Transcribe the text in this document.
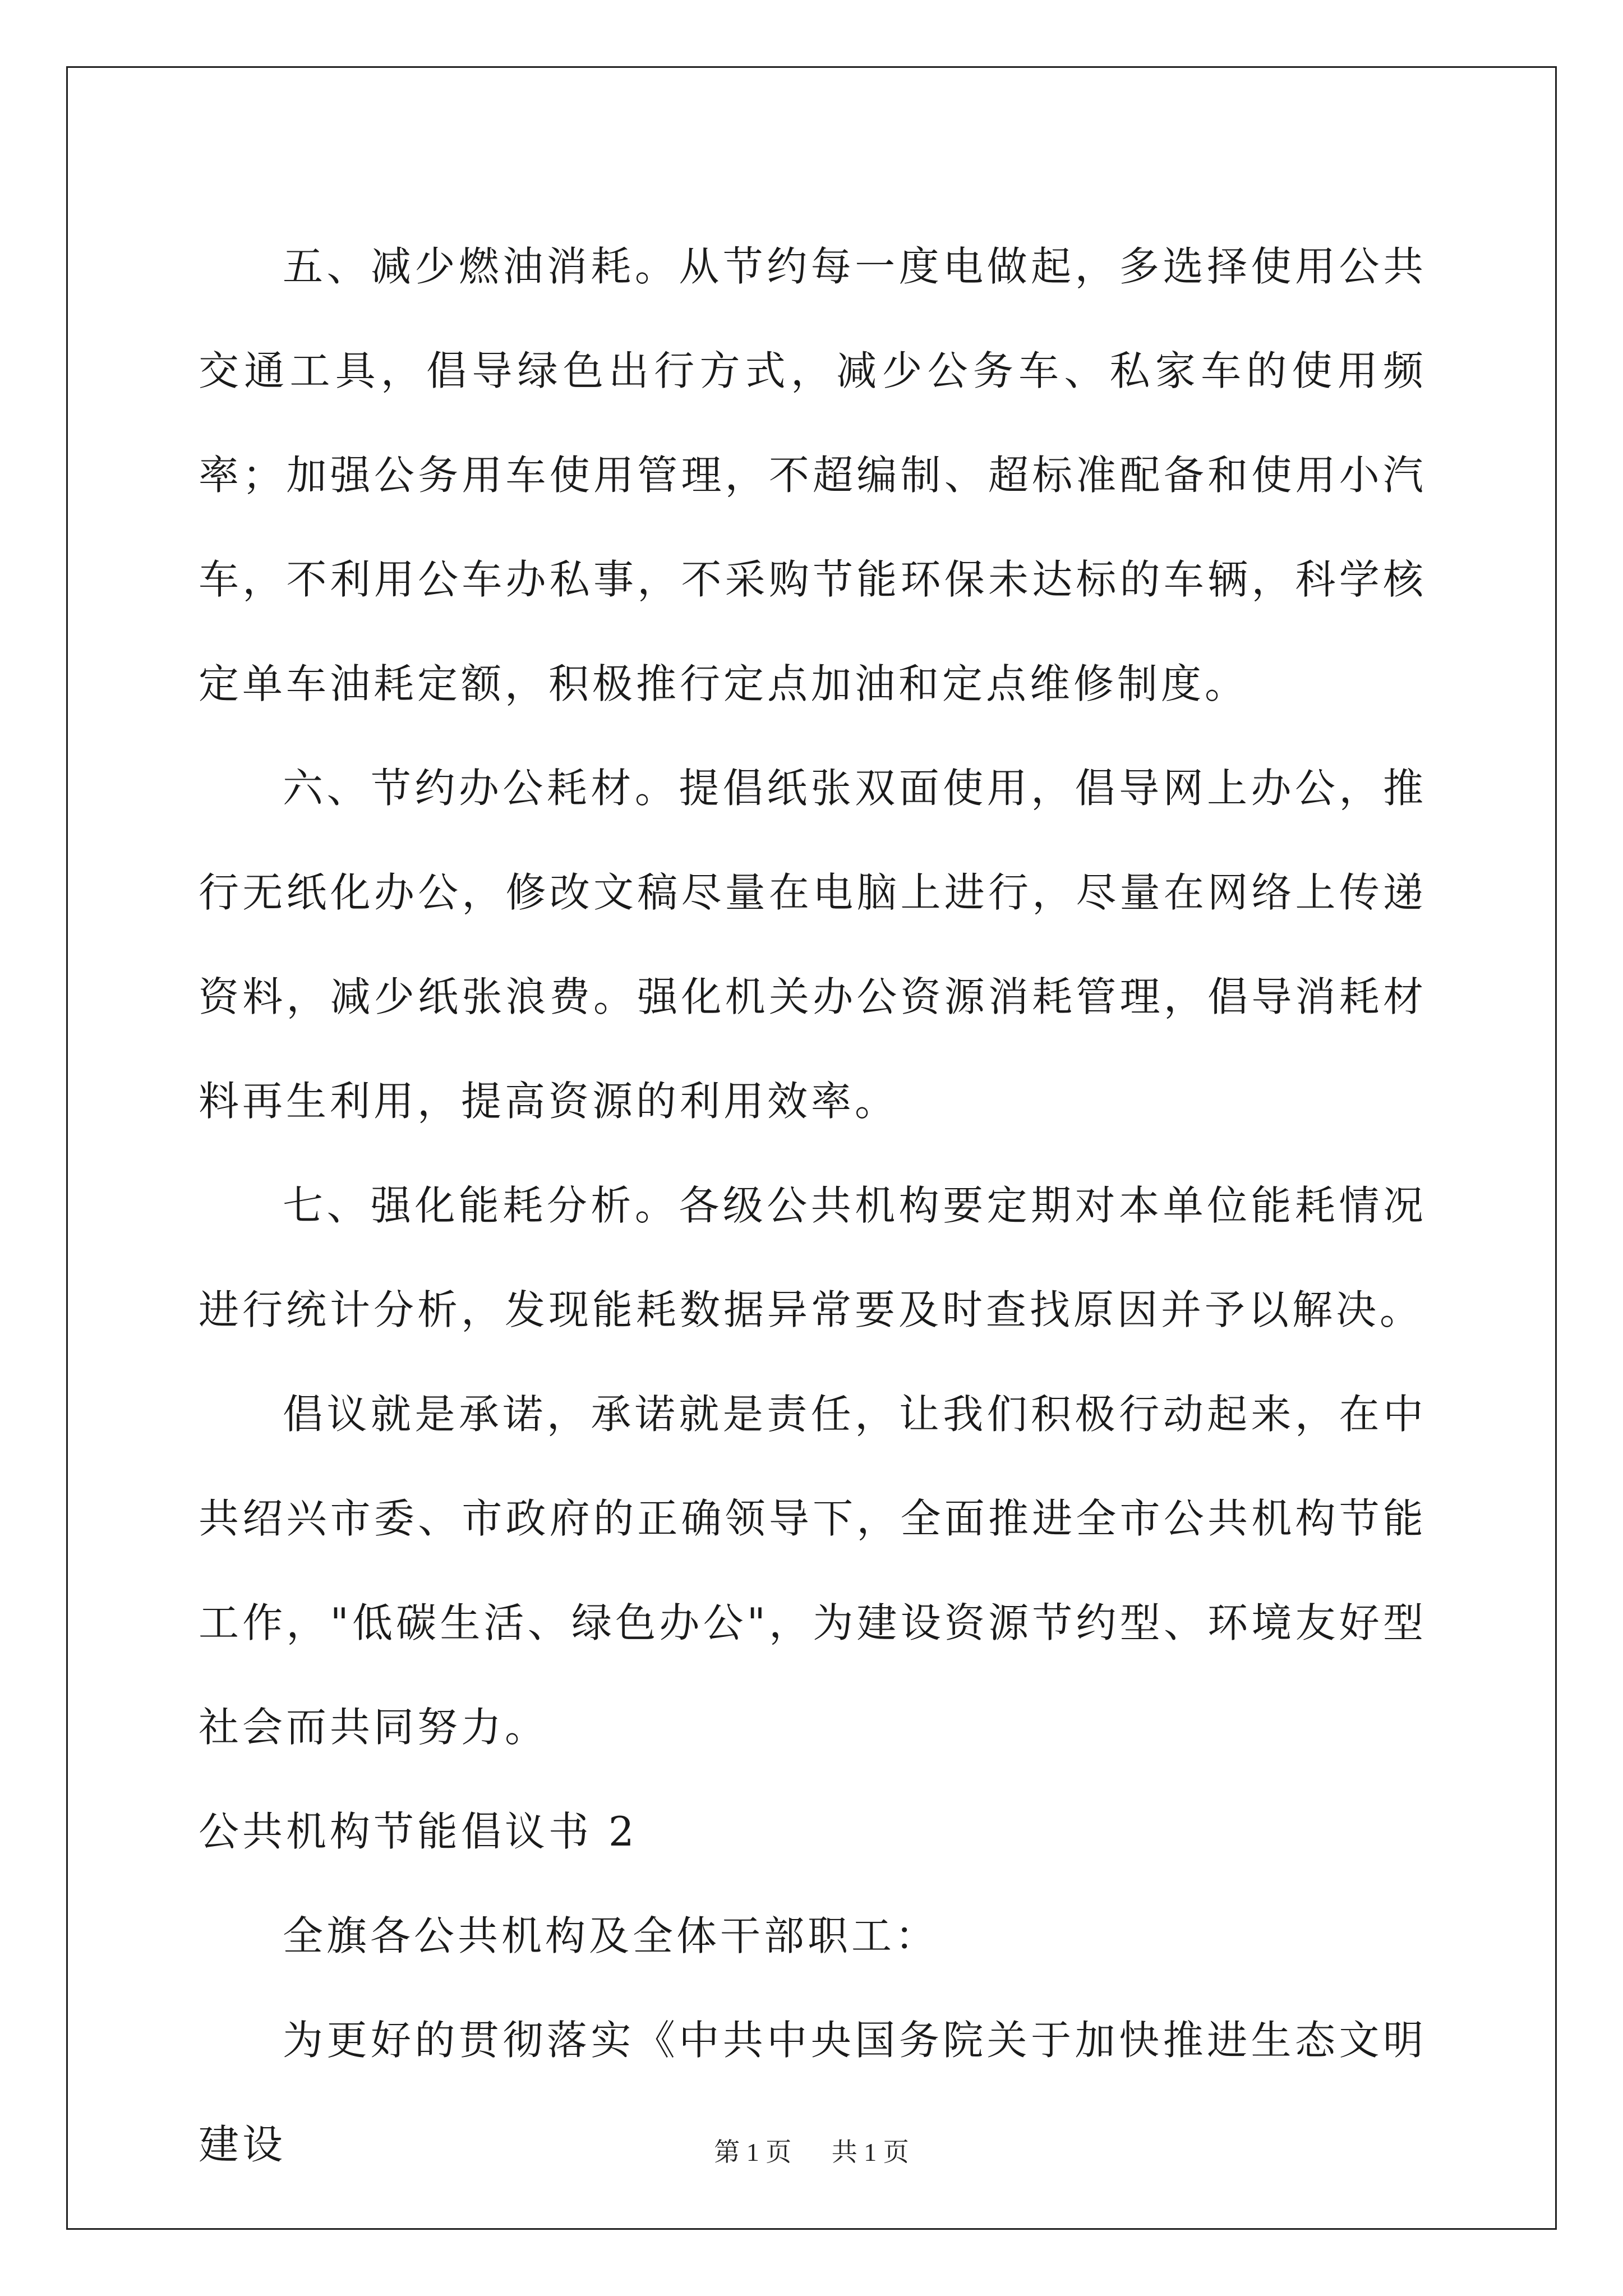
五、减少燃油消耗。从节约每一度电做起，多选择使用公共交通工具，倡导绿色出行方式，减少公务车、私家车的使用频率；加强公务用车使用管理，不超编制、超标准配备和使用小汽车，不利用公车办私事，不采购节能环保未达标的车辆，科学核定单车油耗定额，积极推行定点加油和定点维修制度。

六、节约办公耗材。提倡纸张双面使用，倡导网上办公，推行无纸化办公，修改文稿尽量在电脑上进行，尽量在网络上传递资料，减少纸张浪费。强化机关办公资源消耗管理，倡导消耗材料再生利用，提高资源的利用效率。

七、强化能耗分析。各级公共机构要定期对本单位能耗情况进行统计分析，发现能耗数据异常要及时查找原因并予以解决。

倡议就是承诺，承诺就是责任，让我们积极行动起来，在中共绍兴市委、市政府的正确领导下，全面推进全市公共机构节能工作，"低碳生活、绿色办公"，为建设资源节约型、环境友好型社会而共同努力。

公共机构节能倡议书 2

全旗各公共机构及全体干部职工：

为更好的贯彻落实《中共中央国务院关于加快推进生态文明建设	第 1 页 共 1 页
